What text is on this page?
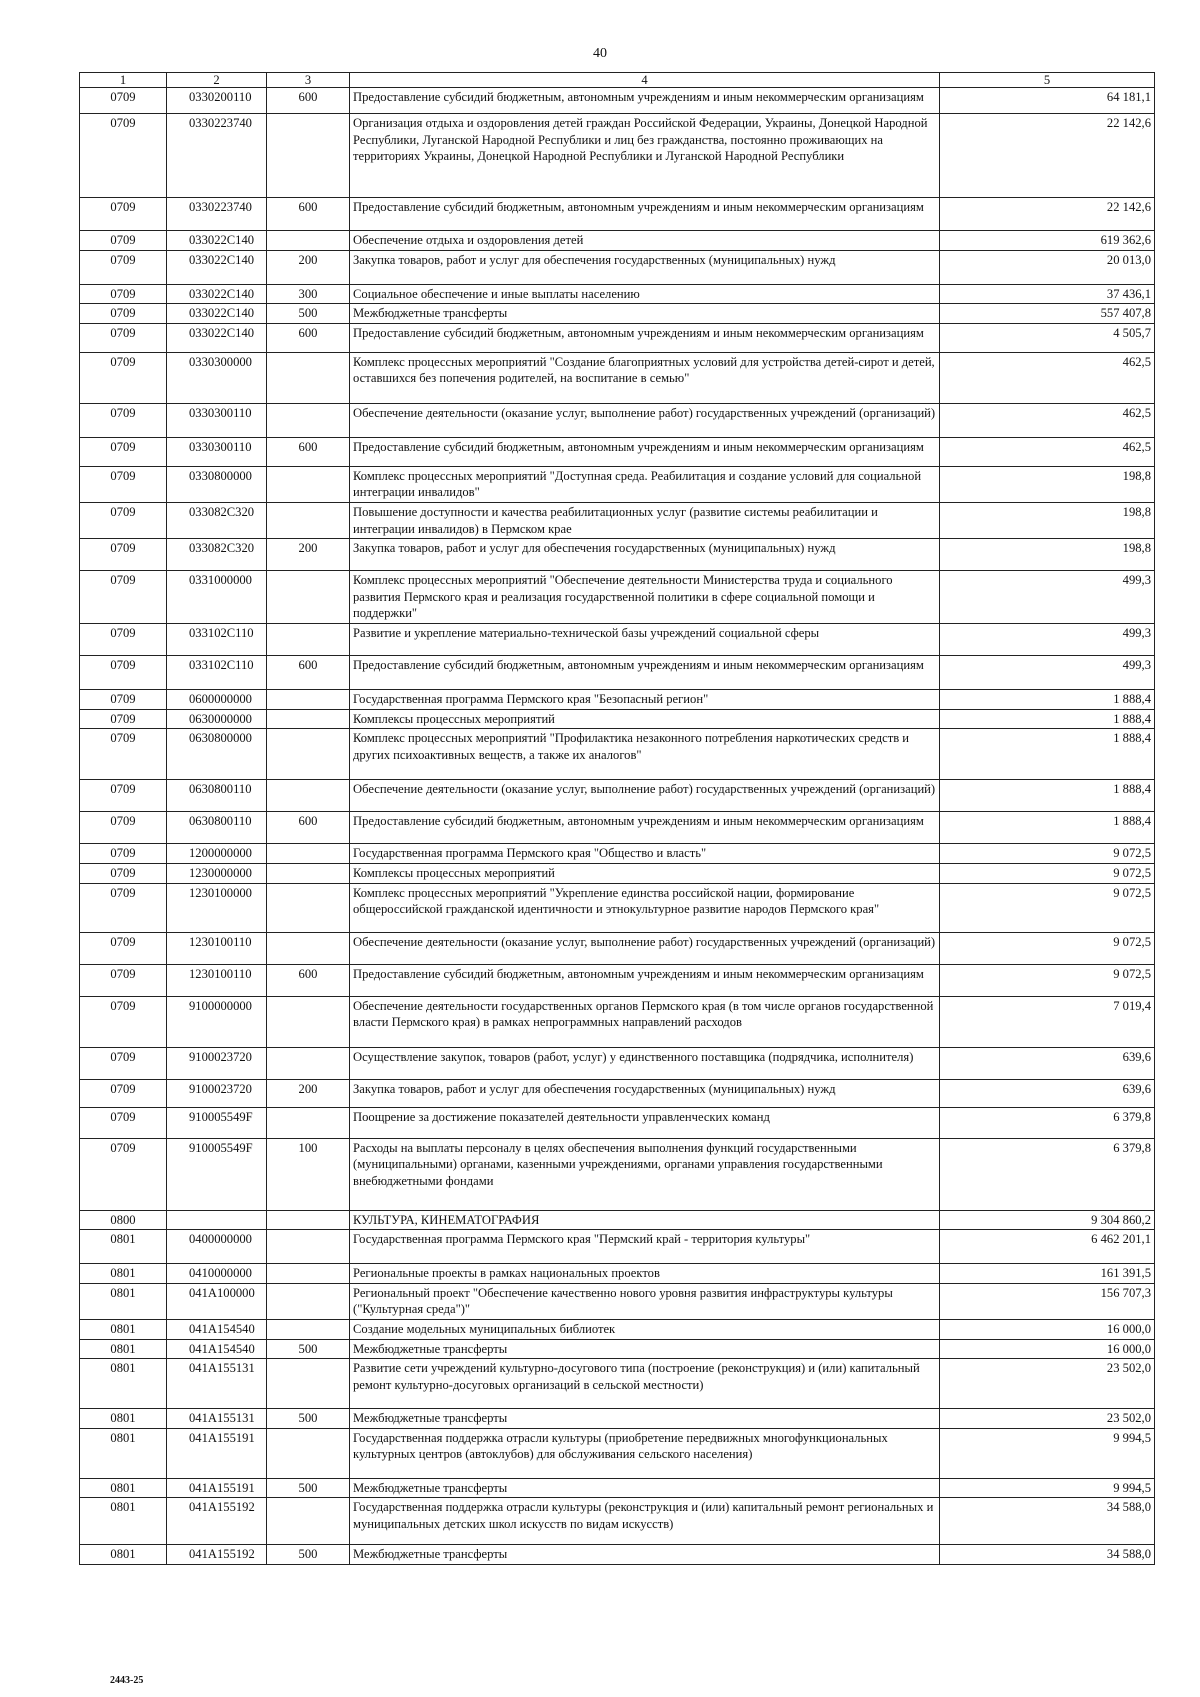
40
1	2	3	4	5
0709	0330200110	600	Предоставление субсидий бюджетным, автономным учреждениям и иным некоммерческим организациям	64 181,1
0709	0330223740		Организация отдыха и оздоровления детей граждан Российской Федерации, Украины, Донецкой Народной Республики, Луганской Народной Республики и лиц без гражданства, постоянно проживающих на территориях Украины, Донецкой Народной Республики и Луганской Народной Республики	22 142,6
0709	0330223740	600	Предоставление субсидий бюджетным, автономным учреждениям и иным некоммерческим организациям	22 142,6
0709	033022С140		Обеспечение отдыха и оздоровления детей	619 362,6
0709	033022С140	200	Закупка товаров, работ и услуг для обеспечения государственных (муниципальных) нужд	20 013,0
0709	033022С140	300	Социальное обеспечение и иные выплаты населению	37 436,1
0709	033022С140	500	Межбюджетные трансферты	557 407,8
0709	033022С140	600	Предоставление субсидий бюджетным, автономным учреждениям и иным некоммерческим организациям	4 505,7
0709	0330300000		Комплекс процессных мероприятий "Создание благоприятных условий для устройства детей-сирот и детей, оставшихся без попечения родителей, на воспитание в семью"	462,5
0709	0330300110		Обеспечение деятельности (оказание услуг, выполнение работ) государственных учреждений (организаций)	462,5
0709	0330300110	600	Предоставление субсидий бюджетным, автономным учреждениям и иным некоммерческим организациям	462,5
0709	0330800000		Комплекс процессных мероприятий "Доступная среда. Реабилитация и создание условий для социальной интеграции инвалидов"	198,8
0709	033082С320		Повышение доступности и качества реабилитационных услуг (развитие системы реабилитации и интеграции инвалидов) в Пермском крае	198,8
0709	033082С320	200	Закупка товаров, работ и услуг для обеспечения государственных (муниципальных) нужд	198,8
0709	0331000000		Комплекс процессных мероприятий "Обеспечение деятельности Министерства труда и социального развития Пермского края и реализация государственной политики в сфере социальной помощи и поддержки"	499,3
0709	033102С110		Развитие и укрепление материально-технической базы учреждений социальной сферы	499,3
0709	033102С110	600	Предоставление субсидий бюджетным, автономным учреждениям и иным некоммерческим организациям	499,3
0709	0600000000		Государственная программа Пермского края "Безопасный регион"	1 888,4
0709	0630000000		Комплексы процессных мероприятий	1 888,4
0709	0630800000		Комплекс процессных мероприятий "Профилактика незаконного потребления наркотических средств и других психоактивных веществ, а также их аналогов"	1 888,4
0709	0630800110		Обеспечение деятельности (оказание услуг, выполнение работ) государственных учреждений (организаций)	1 888,4
0709	0630800110	600	Предоставление субсидий бюджетным, автономным учреждениям и иным некоммерческим организациям	1 888,4
0709	1200000000		Государственная программа Пермского края "Общество и власть"	9 072,5
0709	1230000000		Комплексы процессных мероприятий	9 072,5
0709	1230100000		Комплекс процессных мероприятий "Укрепление единства российской нации, формирование общероссийской гражданской идентичности и этнокультурное развитие народов Пермского края"	9 072,5
0709	1230100110		Обеспечение деятельности (оказание услуг, выполнение работ) государственных учреждений (организаций)	9 072,5
0709	1230100110	600	Предоставление субсидий бюджетным, автономным учреждениям и иным некоммерческим организациям	9 072,5
0709	9100000000		Обеспечение деятельности государственных органов Пермского края (в том числе органов государственной власти Пермского края) в рамках непрограммных направлений расходов	7 019,4
0709	9100023720		Осуществление закупок, товаров (работ, услуг) у единственного поставщика (подрядчика, исполнителя)	639,6
0709	9100023720	200	Закупка товаров, работ и услуг для обеспечения государственных (муниципальных) нужд	639,6
0709	910005549F		Поощрение за достижение показателей деятельности управленческих команд	6 379,8
0709	910005549F	100	Расходы на выплаты персоналу в целях обеспечения выполнения функций государственными (муниципальными) органами, казенными учреждениями, органами управления государственными внебюджетными фондами	6 379,8
0800			КУЛЬТУРА, КИНЕМАТОГРАФИЯ	9 304 860,2
0801	0400000000		Государственная программа Пермского края "Пермский край - территория культуры"	6 462 201,1
0801	0410000000		Региональные проекты в рамках национальных проектов	161 391,5
0801	041А100000		Региональный проект "Обеспечение качественно нового уровня развития инфраструктуры культуры ("Культурная среда")"	156 707,3
0801	041А154540		Создание модельных муниципальных библиотек	16 000,0
0801	041А154540	500	Межбюджетные трансферты	16 000,0
0801	041А155131		Развитие сети учреждений культурно-досугового типа (построение (реконструкция) и (или) капитальный ремонт культурно-досуговых организаций в сельской местности)	23 502,0
0801	041А155131	500	Межбюджетные трансферты	23 502,0
0801	041А155191		Государственная поддержка отрасли культуры (приобретение передвижных многофункциональных культурных центров (автоклубов) для обслуживания сельского населения)	9 994,5
0801	041А155191	500	Межбюджетные трансферты	9 994,5
0801	041А155192		Государственная поддержка отрасли культуры (реконструкция и (или) капитальный ремонт региональных и муниципальных детских школ искусств по видам искусств)	34 588,0
0801	041А155192	500	Межбюджетные трансферты	34 588,0
2443-25
